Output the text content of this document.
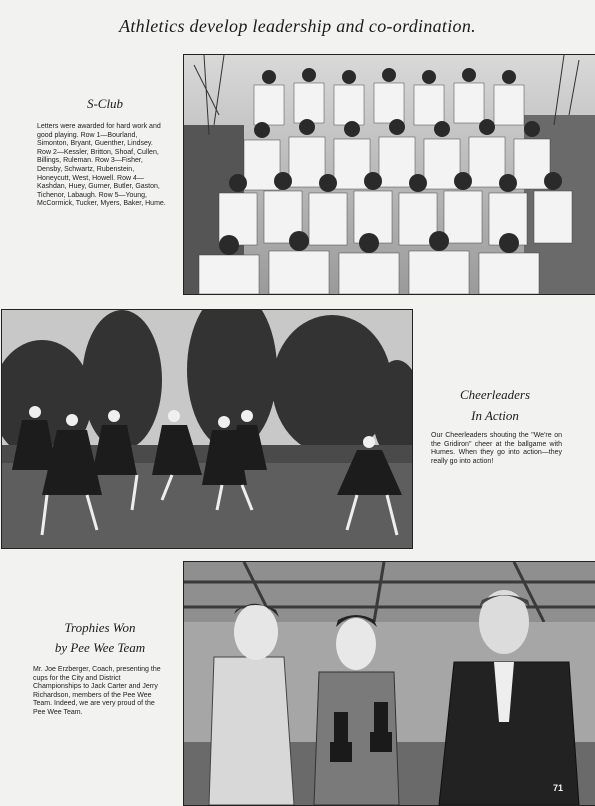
Athletics develop leadership and co-ordination.
S-Club
Letters were awarded for hard work and good playing. Row 1—Bourland, Simonton, Bryant, Guenther, Lindsey. Row 2—Kessler, Britton, Shoaf, Cullen, Billings, Ruleman. Row 3—Fisher, Densby, Schwartz, Rubenstein, Honeycutt, West, Howell. Row 4—Kashdan, Huey, Gurner, Butler, Gaston, Tichenor, Labaugh. Row 5—Young, McCormick, Tucker, Myers, Baker, Hume.
Cheerleaders
In Action
Our Cheerleaders shouting the "We're on the Gridiron" cheer at the ballgame with Humes. When they go into action—they really go into action!
Trophies Won
by Pee Wee Team
Mr. Joe Erzberger, Coach, presenting the cups for the City and District Championships to Jack Carter and Jerry Richardson, members of the Pee Wee Team. Indeed, we are very proud of the Pee Wee Team.
71
